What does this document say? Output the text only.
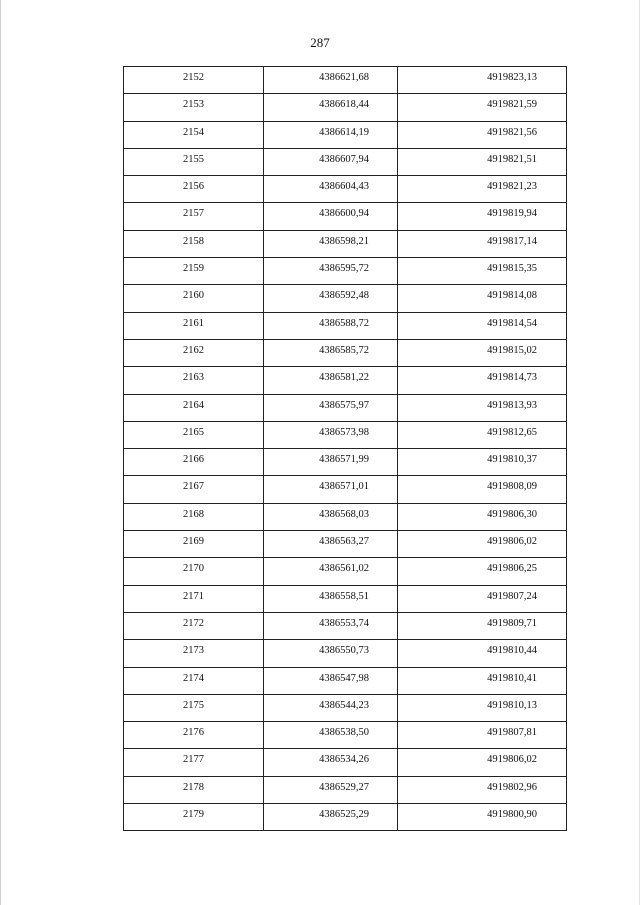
287
2152	4386621,68	4919823,13

2153	4386618,44	4919821,59

2154	4386614,19	4919821,56

2155	4386607,94	4919821,51

2156	4386604,43	4919821,23

2157	4386600,94	4919819,94

2158	4386598,21	4919817,14

2159	4386595,72	4919815,35

2160	4386592,48	4919814,08

2161	4386588,72	4919814,54

2162	4386585,72	4919815,02

2163	4386581,22	4919814,73

2164	4386575,97	4919813,93

2165	4386573,98	4919812,65

2166	4386571,99	4919810,37

2167	4386571,01	4919808,09

2168	4386568,03	4919806,30

2169	4386563,27	4919806,02

2170	4386561,02	4919806,25

2171	4386558,51	4919807,24

2172	4386553,74	4919809,71

2173	4386550,73	4919810,44

2174	4386547,98	4919810,41

2175	4386544,23	4919810,13

2176	4386538,50	4919807,81

2177	4386534,26	4919806,02

2178	4386529,27	4919802,96

2179	4386525,29	4919800,90
